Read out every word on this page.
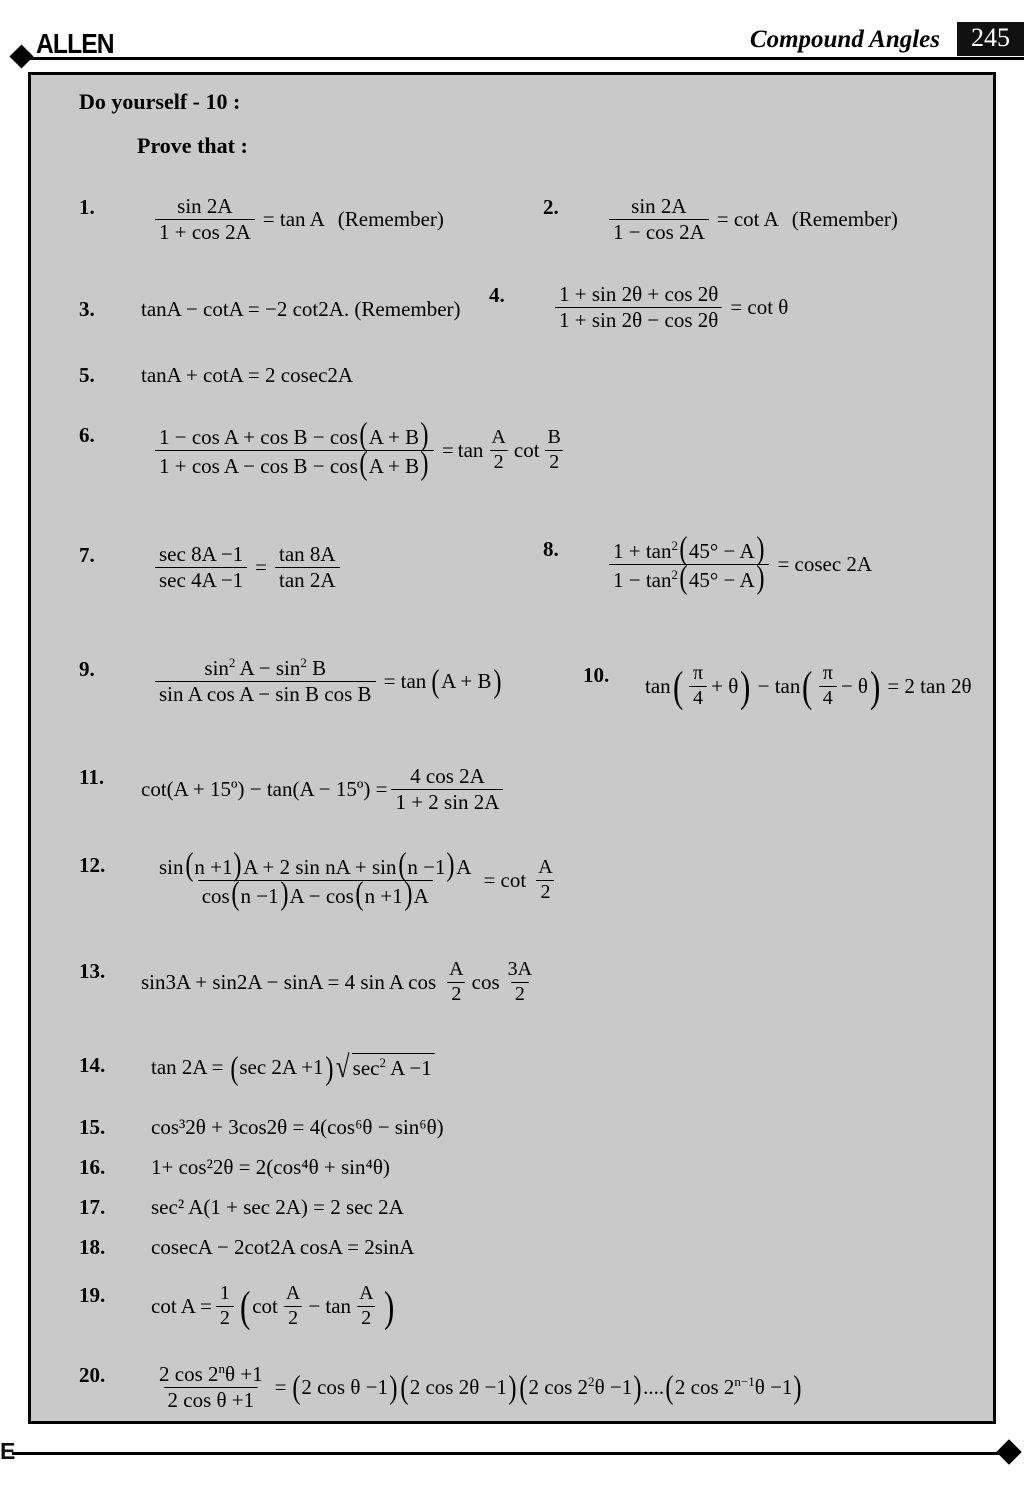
ALLEN	Compound Angles	245
Do yourself - 10 :
Prove that :
1.	$\frac{\sin 2A}{1 + \cos 2A} = \tan A$ (Remember)	2.	$\frac{\sin 2A}{1 - \cos 2A} = \cot A$ (Remember)
3.	tanA − cotA = −2 cot2A. (Remember)
4.	$\frac{1 + \sin 2\theta + \cos 2\theta}{1 + \sin 2\theta - \cos 2\theta} = \cot \theta$
5.	tanA + cotA = 2 cosec2A
6.	$\frac{\text{1 − cos A + cos B − cos(A + B)}}{\text{1 + cos A − cos B − cos(A + B)}} = \tan \frac{A}{2}$ $\cot \frac{B}{2}$
7.	$\frac{\sec 8A -1}{\sec 4A -1} = \frac{\tan 8A}{\tan 2A}$	8.	$\frac{1 + \tan^2(45^\circ - A)}{1 - \tan^2(45^\circ - A)} = cosec$ 2A
9.	$\frac{\sin^2 A - \sin^2 B}{\text{sin A cos A − sin B cos B}} = \tan$ ( A + B )	10.	tan ( $\frac{\pi}{4} + \theta$ ) − tan ( $\frac{\pi}{4} - \theta$ ) = 2 tan 2θ
11.	cot(A + 15º) − tan(A − 15º) = $\frac{4 \cos 2A}{1 + 2 \sin 2A}$
12.	$\frac{\text{sin(n +1)A + 2 sin nA + sin(n −1)A}}{\cos(n -1)A - \cos(n +1)A} = \cot \frac{A}{2}$
13.	sin3A + sin2A − sinA = 4 sin A $\cos \frac{A}{2}$ $\cos \frac{3A}{2}$
14.	tan 2A = ( sec 2A +1 ) √ $\sec^2 A -1$
15.	cos³2θ + 3cos2θ = 4(cos⁶θ − sin⁶θ)
16.	1+ cos²2θ = 2(cos⁴θ + sin⁴θ)
17.	sec² A(1 + sec 2A) = 2 sec 2A
18.	cosecA − 2cot2A cosA = 2sinA
19.	$\cot A = \frac{1}{2}$ ( $\cot \frac{A}{2} - \tan \frac{A}{2}$ )
20.	$\frac{2 \cos 2^n\theta +1}{\text{2 cos θ +1}}$ = ( 2 cos θ −1 ) ( 2 cos 2θ −1 ) ( 2 $\cos 2^2\theta -1$ ) .... ( 2 $\cos 2^{n-1}\theta -1$ )
E
